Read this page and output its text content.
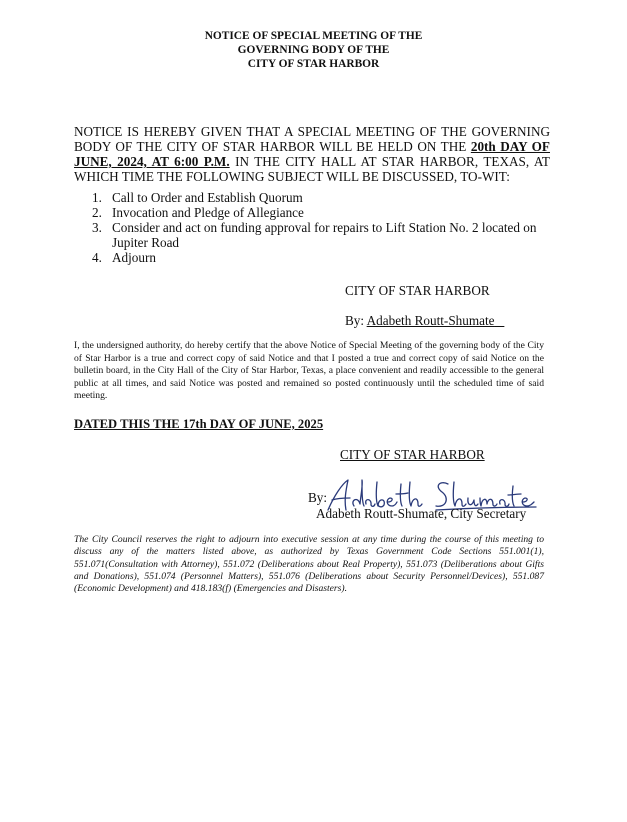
NOTICE OF SPECIAL MEETING OF THE
GOVERNING BODY OF THE
CITY OF STAR HARBOR
NOTICE IS HEREBY GIVEN THAT A SPECIAL MEETING OF THE GOVERNING BODY OF THE CITY OF STAR HARBOR WILL BE HELD ON THE 20th DAY OF JUNE, 2024, AT 6:00 P.M. IN THE CITY HALL AT STAR HARBOR, TEXAS, AT WHICH TIME THE FOLLOWING SUBJECT WILL BE DISCUSSED, TO-WIT:
1. Call to Order and Establish Quorum
2. Invocation and Pledge of Allegiance
3. Consider and act on funding approval for repairs to Lift Station No. 2 located on Jupiter Road
4. Adjourn
CITY OF STAR HARBOR
By: Adabeth Routt-Shumate
I, the undersigned authority, do hereby certify that the above Notice of Special Meeting of the governing body of the City of Star Harbor is a true and correct copy of said Notice and that I posted a true and correct copy of said Notice on the bulletin board, in the City Hall of the City of Star Harbor, Texas, a place convenient and readily accessible to the general public at all times, and said Notice was posted and remained so posted continuously until the scheduled time of said meeting.
DATED THIS THE 17th DAY OF JUNE, 2025
CITY OF STAR HARBOR
By:
Adabeth Routt-Shumate, City Secretary
The City Council reserves the right to adjourn into executive session at any time during the course of this meeting to discuss any of the matters listed above, as authorized by Texas Government Code Sections 551.001(1), 551.071(Consultation with Attorney), 551.072 (Deliberations about Real Property), 551.073 (Deliberations about Gifts and Donations), 551.074 (Personnel Matters), 551.076 (Deliberations about Security Personnel/Devices), 551.087 (Economic Development) and 418.183(f) (Emergencies and Disasters).
